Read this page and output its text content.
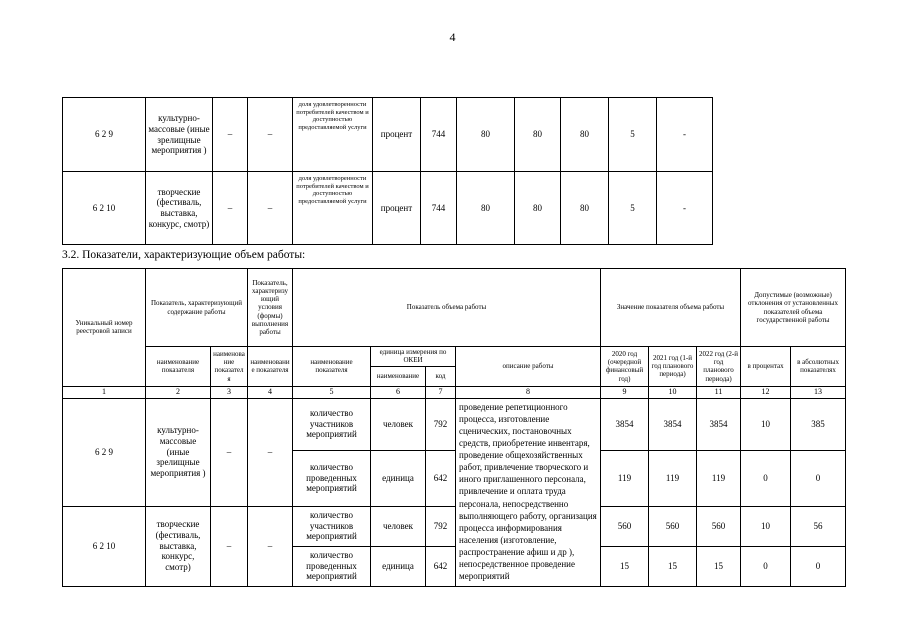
4
6 2 9	культурно-массовые (иные зрелищные мероприятия )	–	–	доля удовлетворенности потребителей качеством и доступностью предоставляемой услуги	процент	744	80	80	80	5	-
6 2 10	творческие (фестиваль, выставка, конкурс, смотр)	–	–	доля удовлетворенности потребителей качеством и доступностью предоставляемой услуги	процент	744	80	80	80	5	-
3.2. Показатели, характеризующие объем работы:
Уникальный номер реестровой записи	Показатель, характеризующий содержание работы		Показатель, характеризующий условия (формы) выполнения работы	Показатель объема работы				Значение показателя объема работы			Допустимые (возможные) отклонения от установленных показателей объема государственной работы	
	наименование показателя	наименование показателя	наименование показателя	наименование показателя	единица измерения по ОКЕИ		описание работы	2020 год (очередной финансовый год)	2021 год (1-й год планового периода)	2022 год (2-й год планового периода)	в процентах	в абсолютных показателях
					наименование	код						
1	2	3	4	5	6	7	8	9	10	11	12	13
6 2 9	культурно-массовые (иные зрелищные мероприятия )	–	–	количество участников мероприятий	человек	792	проведение репетиционного процесса, изготовление сценических, постановочных средств, приобретение инвентаря, проведение общехозяйственных работ, привлечение творческого и иного приглашенного персонала, привлечение и оплата труда персонала, непосредственно выполняющего работу, организация процесса информирования населения (изготовление, распространение афиш и др ), непосредственное проведение мероприятий	3854	3854	3854	10	385
				количество проведенных мероприятий	единица	642		119	119	119	0	0
6 2 10	творческие (фестиваль, выставка, конкурс, смотр)	–	–	количество участников мероприятий	человек	792		560	560	560	10	56
				количество проведенных мероприятий	единица	642		15	15	15	0	0
